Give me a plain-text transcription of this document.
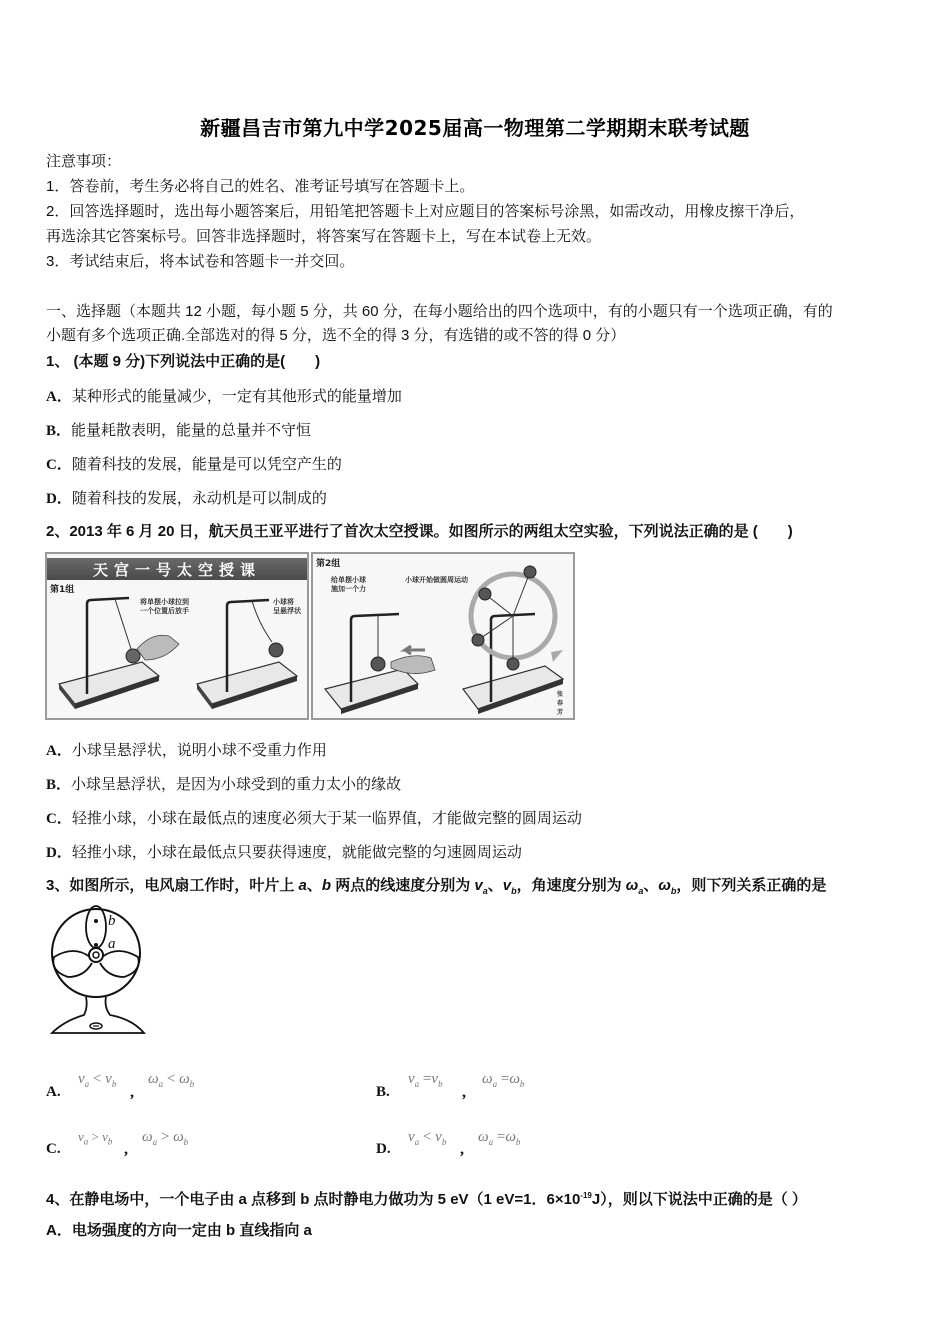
新疆昌吉市第九中学2025届高一物理第二学期期末联考试题
注意事项：
1．答卷前，考生务必将自己的姓名、准考证号填写在答题卡上。
2．回答选择题时，选出每小题答案后，用铅笔把答题卡上对应题目的答案标号涂黑，如需改动，用橡皮擦干净后，
再选涂其它答案标号。回答非选择题时，将答案写在答题卡上，写在本试卷上无效。
3．考试结束后，将本试卷和答题卡一并交回。
一、选择题（本题共 12 小题，每小题 5 分，共 60 分，在每小题给出的四个选项中，有的小题只有一个选项正确，有的
小题有多个选项正确.全部选对的得 5 分，选不全的得 3 分，有选错的或不答的得 0 分）
1、 (本题 9 分)下列说法中正确的是(　　)
A．某种形式的能量减少，一定有其他形式的能量增加
B．能量耗散表明，能量的总量并不守恒
C．随着科技的发展，能量是可以凭空产生的
D．随着科技的发展，永动机是可以制成的
2、2013 年 6 月 20 日，航天员王亚平进行了首次太空授课。如图所示的两组太空实验，下列说法正确的是 (　　)
天宫一号太空授课
第1组
将单摆小球拉到
一个位置后放手
小球将
呈悬浮状
第2组
给单摆小球
施加一个力
小球开始做圆周运动
张春芳
A．小球呈悬浮状，说明小球不受重力作用
B．小球呈悬浮状，是因为小球受到的重力太小的缘故
C．轻推小球，小球在最低点的速度必须大于某一临界值，才能做完整的圆周运动
D．轻推小球，小球在最低点只要获得速度，就能做完整的匀速圆周运动
3、如图所示，电风扇工作时，叶片上 a、b 两点的线速度分别为 $v_a$、$v_b$，角速度分别为 $\omega_a$、$\omega_b$，则下列关系正确的是
b
a
A.
$v_a < v_b$ ,
$\omega_a < \omega_b$	B.
$v_a =v_b$ ,
$\omega_a =\omega_b$
C.
$v_a > v_b$ ,
$\omega_a > \omega_b$	D.
$v_a < v_b$ ,
$\omega_a =\omega_b$
4、在静电场中，一个电子由 a 点移到 b 点时静电力做功为 5 eV（1 eV=1．$6\times 10^{-19}J$），则以下说法中正确的是（ ）
A．电场强度的方向一定由 b 直线指向 a
